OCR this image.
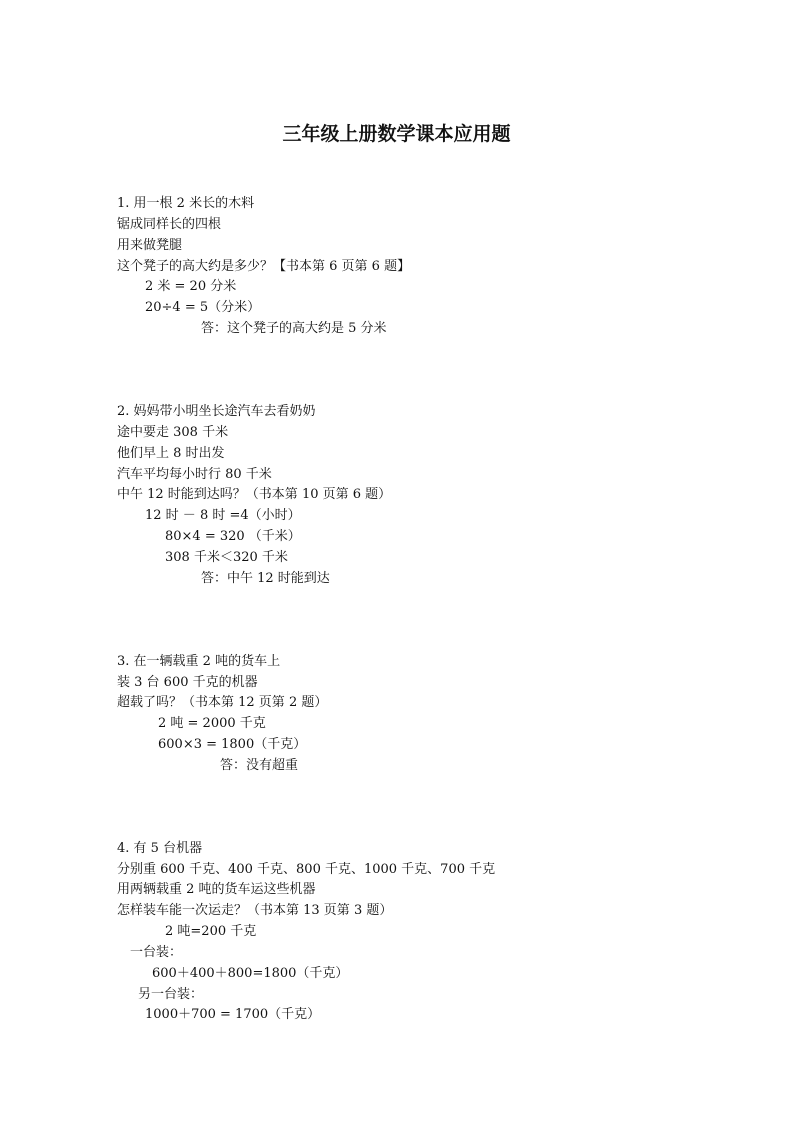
三年级上册数学课本应用题
1. 用一根 2 米长的木料
锯成同样长的四根
用来做凳腿
这个凳子的高大约是多少？【书本第 6 页第 6 题】
2 米 = 20 分米
20÷4 = 5（分米）
答：这个凳子的高大约是 5 分米
2. 妈妈带小明坐长途汽车去看奶奶
途中要走 308 千米
他们早上 8 时出发
汽车平均每小时行 80 千米
中午 12 时能到达吗？（书本第 10 页第 6 题）
12 时 － 8 时 =4（小时）
80×4 = 320 （千米）
308 千米＜320 千米
答：中午 12 时能到达
3. 在一辆载重 2 吨的货车上
装 3 台 600 千克的机器
超载了吗？（书本第 12 页第 2 题）
2 吨 = 2000 千克
600×3 = 1800（千克）
答：没有超重
4. 有 5 台机器
分别重 600 千克、400 千克、800 千克、1000 千克、700 千克
用两辆载重 2 吨的货车运这些机器
怎样装车能一次运走？（书本第 13 页第 3 题）
2 吨=200 千克
一台装：
600＋400＋800=1800（千克）
另一台装：
1000＋700 = 1700（千克）
